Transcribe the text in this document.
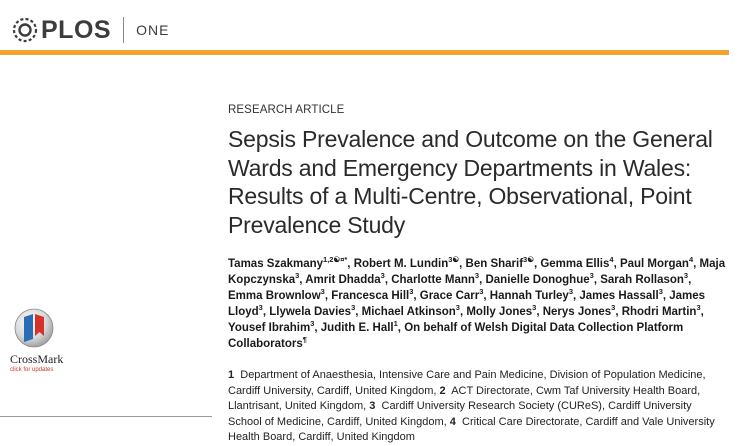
PLOS ONE
RESEARCH ARTICLE
Sepsis Prevalence and Outcome on the General Wards and Emergency Departments in Wales: Results of a Multi-Centre, Observational, Point Prevalence Study
Tamas Szakmany$^{1,2☯¤*}$, Robert M. Lundin$^{3☯}$, Ben Sharif$^{3☯}$, Gemma Ellis$^4$, Paul Morgan$^4$, Maja Kopczynska$^3$, Amrit Dhadda$^3$, Charlotte Mann$^3$, Danielle Donoghue$^3$, Sarah Rollason$^3$, Emma Brownlow$^3$, Francesca Hill$^3$, Grace Carr$^3$, Hannah Turley$^3$, James Hassall$^3$, James Lloyd$^3$, Llywela Davies$^3$, Michael Atkinson$^3$, Molly Jones$^3$, Nerys Jones$^3$, Rhodri Martin$^3$, Yousef Ibrahim$^3$, Judith E. Hall$^1$, On behalf of Welsh Digital Data Collection Platform Collaborators¶
1 Department of Anaesthesia, Intensive Care and Pain Medicine, Division of Population Medicine, Cardiff University, Cardiff, United Kingdom, 2 ACT Directorate, Cwm Taf University Health Board, Llantrisant, United Kingdom, 3 Cardiff University Research Society (CUReS), Cardiff University School of Medicine, Cardiff, United Kingdom, 4 Critical Care Directorate, Cardiff and Vale University Health Board, Cardiff, United Kingdom
CrossMark
click for updates
